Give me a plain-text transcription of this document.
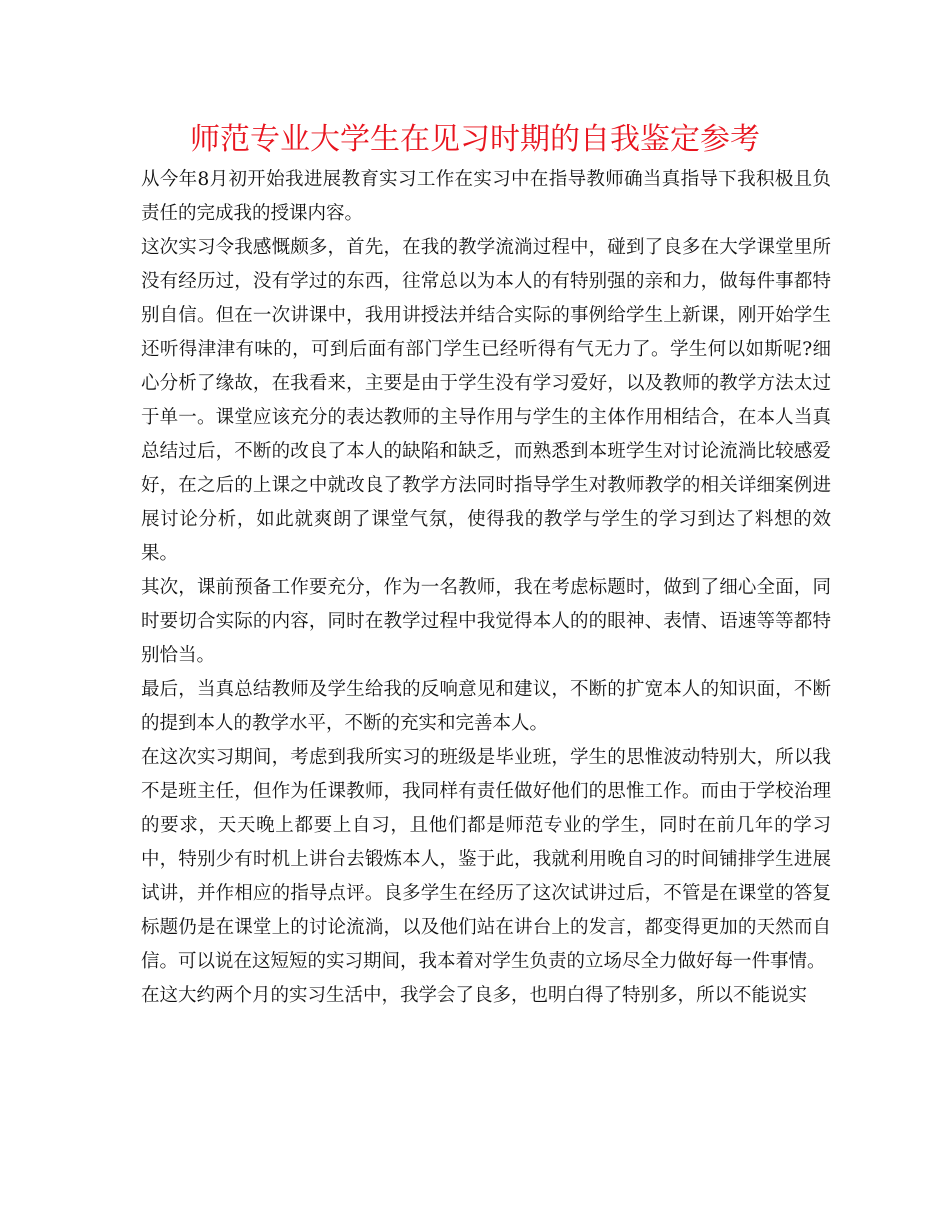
师范专业大学生在见习时期的自我鉴定参考

从今年8月初开始我进展教育实习工作在实习中在指导教师确当真指导下我积极且负责任的完成我的授课内容。

这次实习令我感慨颇多，首先，在我的教学流淌过程中，碰到了良多在大学课堂里所没有经历过，没有学过的东西，往常总以为本人的有特别强的亲和力，做每件事都特别自信。但在一次讲课中，我用讲授法并结合实际的事例给学生上新课，刚开始学生还听得津津有味的，可到后面有部门学生已经听得有气无力了。学生何以如斯呢?细心分析了缘故，在我看来，主要是由于学生没有学习爱好，以及教师的教学方法太过于单一。课堂应该充分的表达教师的主导作用与学生的主体作用相结合，在本人当真总结过后，不断的改良了本人的缺陷和缺乏，而熟悉到本班学生对讨论流淌比较感爱好，在之后的上课之中就改良了教学方法同时指导学生对教师教学的相关详细案例进展讨论分析，如此就爽朗了课堂气氛，使得我的教学与学生的学习到达了料想的效果。

其次，课前预备工作要充分，作为一名教师，我在考虑标题时，做到了细心全面，同时要切合实际的内容，同时在教学过程中我觉得本人的的眼神、表情、语速等等都特别恰当。

最后，当真总结教师及学生给我的反响意见和建议，不断的扩宽本人的知识面，不断的提到本人的教学水平，不断的充实和完善本人。

在这次实习期间，考虑到我所实习的班级是毕业班，学生的思惟波动特别大，所以我不是班主任，但作为任课教师，我同样有责任做好他们的思惟工作。而由于学校治理的要求，天天晚上都要上自习，且他们都是师范专业的学生，同时在前几年的学习中，特别少有时机上讲台去锻炼本人，鉴于此，我就利用晚自习的时间铺排学生进展试讲，并作相应的指导点评。良多学生在经历了这次试讲过后，不管是在课堂的答复标题仍是在课堂上的讨论流淌，以及他们站在讲台上的发言，都变得更加的天然而自信。可以说在这短短的实习期间，我本着对学生负责的立场尽全力做好每一件事情。

在这大约两个月的实习生活中，我学会了良多，也明白得了特别多，所以不能说实
